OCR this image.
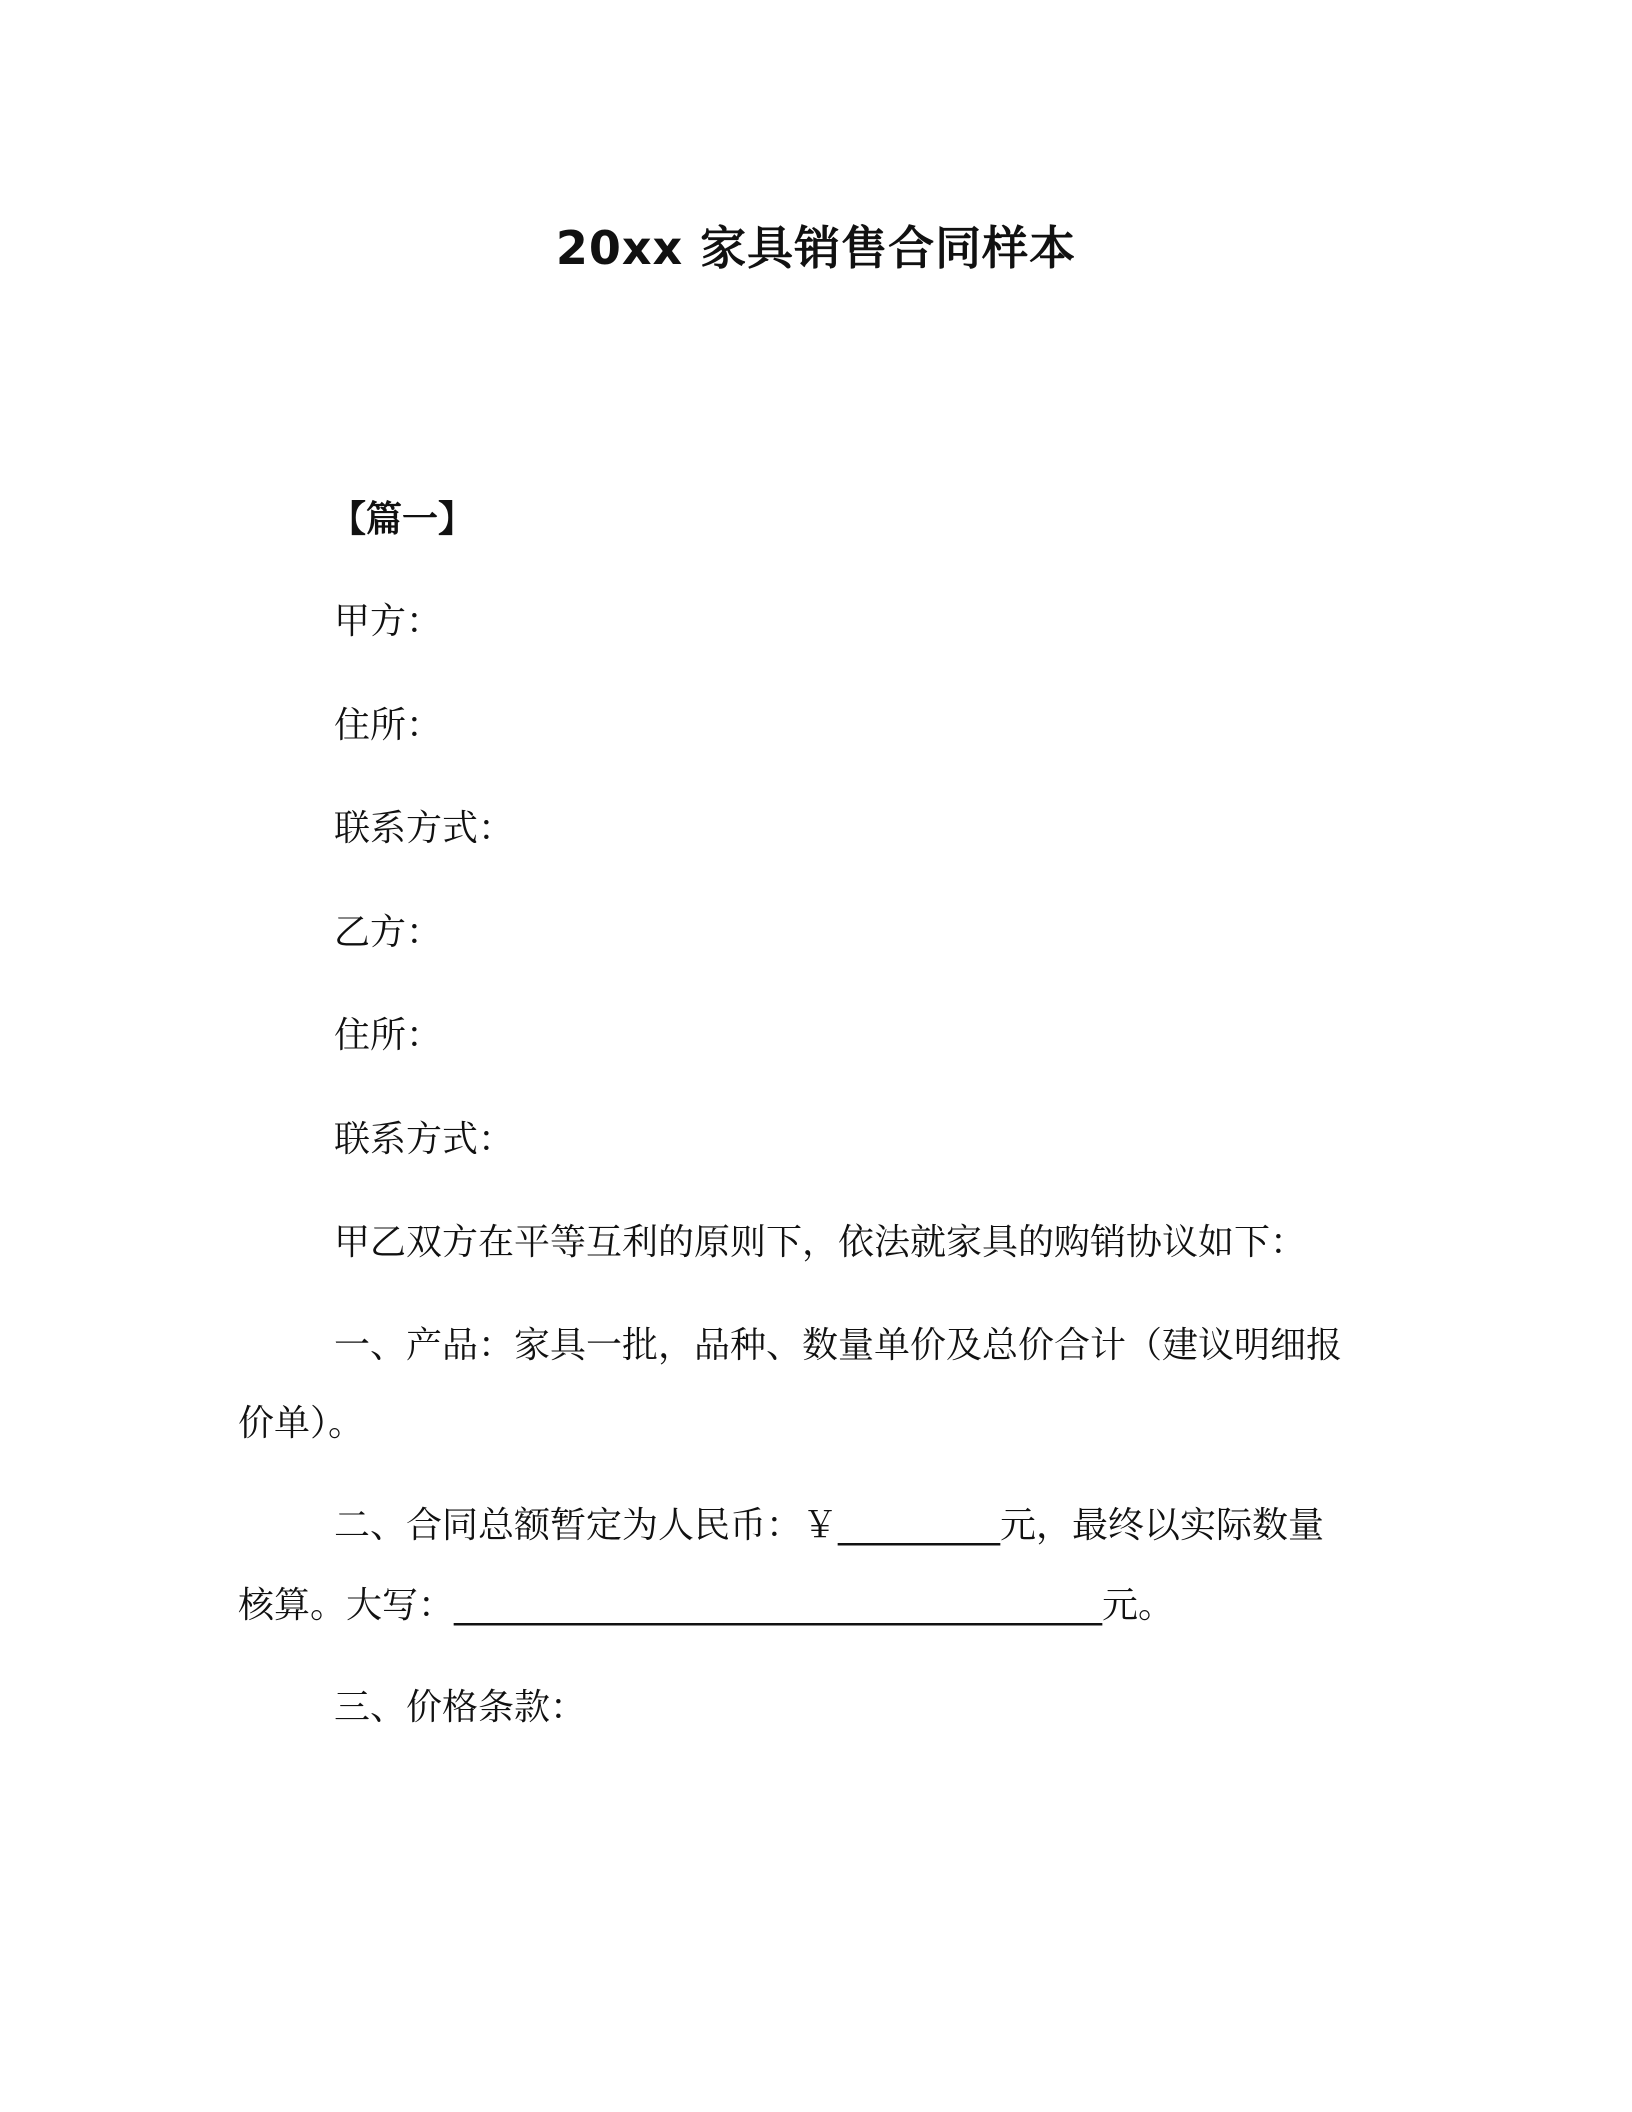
20xx 家具销售合同样本
【篇一】
甲方：
住所：
联系方式：
乙方：
住所：
联系方式：
甲乙双方在平等互利的原则下，依法就家具的购销协议如下：
一、产品：家具一批，品种、数量单价及总价合计（建议明细报
价单）。
二、合同总额暂定为人民币：￥_________元，最终以实际数量
核算。大写：____________________________________元。
三、价格条款：
